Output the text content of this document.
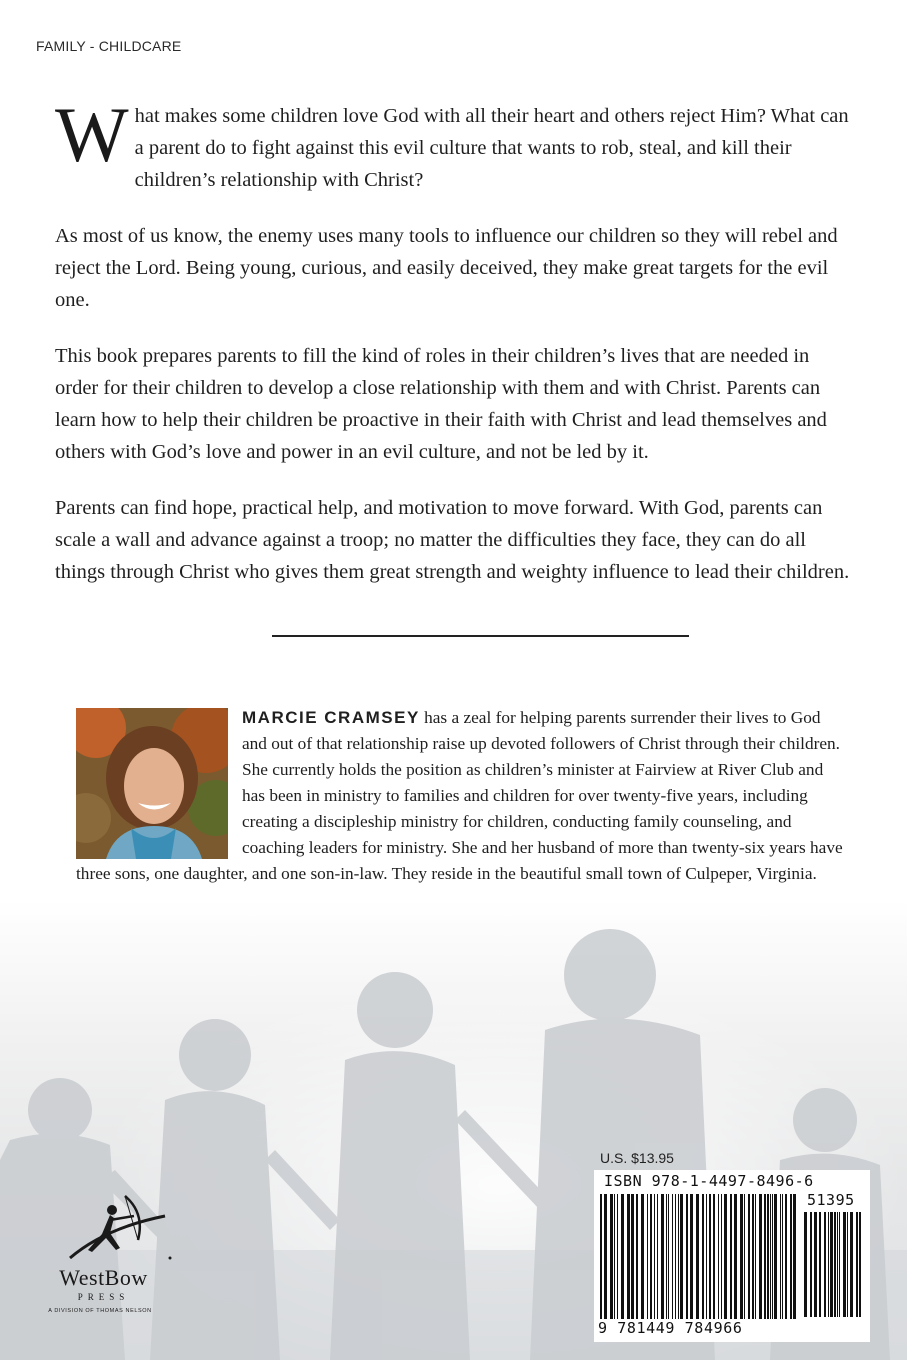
FAMILY - CHILDCARE

What makes some children love God with all their heart and others reject Him? What can a parent do to fight against this evil culture that wants to rob, steal, and kill their children’s relationship with Christ?

As most of us know, the enemy uses many tools to influence our children so they will rebel and reject the Lord. Being young, curious, and easily deceived, they make great targets for the evil one.

This book prepares parents to fill the kind of roles in their children’s lives that are needed in order for their children to develop a close relationship with them and with Christ. Parents can learn how to help their children be proactive in their faith with Christ and lead themselves and others with God’s love and power in an evil culture, and not be led by it.

Parents can find hope, practical help, and motivation to move forward. With God, parents can scale a wall and advance against a troop; no matter the difficulties they face, they can do all things through Christ who gives them great strength and weighty influence to lead their children.

MARCIE CRAMSEY has a zeal for helping parents surrender their lives to God and out of that relationship raise up devoted followers of Christ through their children. She currently holds the position as children’s minister at Fairview at River Club and has been in ministry to families and children for over twenty-five years, including creating a discipleship ministry for children, conducting family counseling, and coaching leaders for ministry. She and her husband of more than twenty-six years have three sons, one daughter, and one son-in-law. They reside in the beautiful small town of Culpeper, Virginia.
U.S. $13.95
ISBN 978-1-4497-8496-6
51395
9 781449 784966
WestBow
PRESS
A DIVISION OF THOMAS NELSON
